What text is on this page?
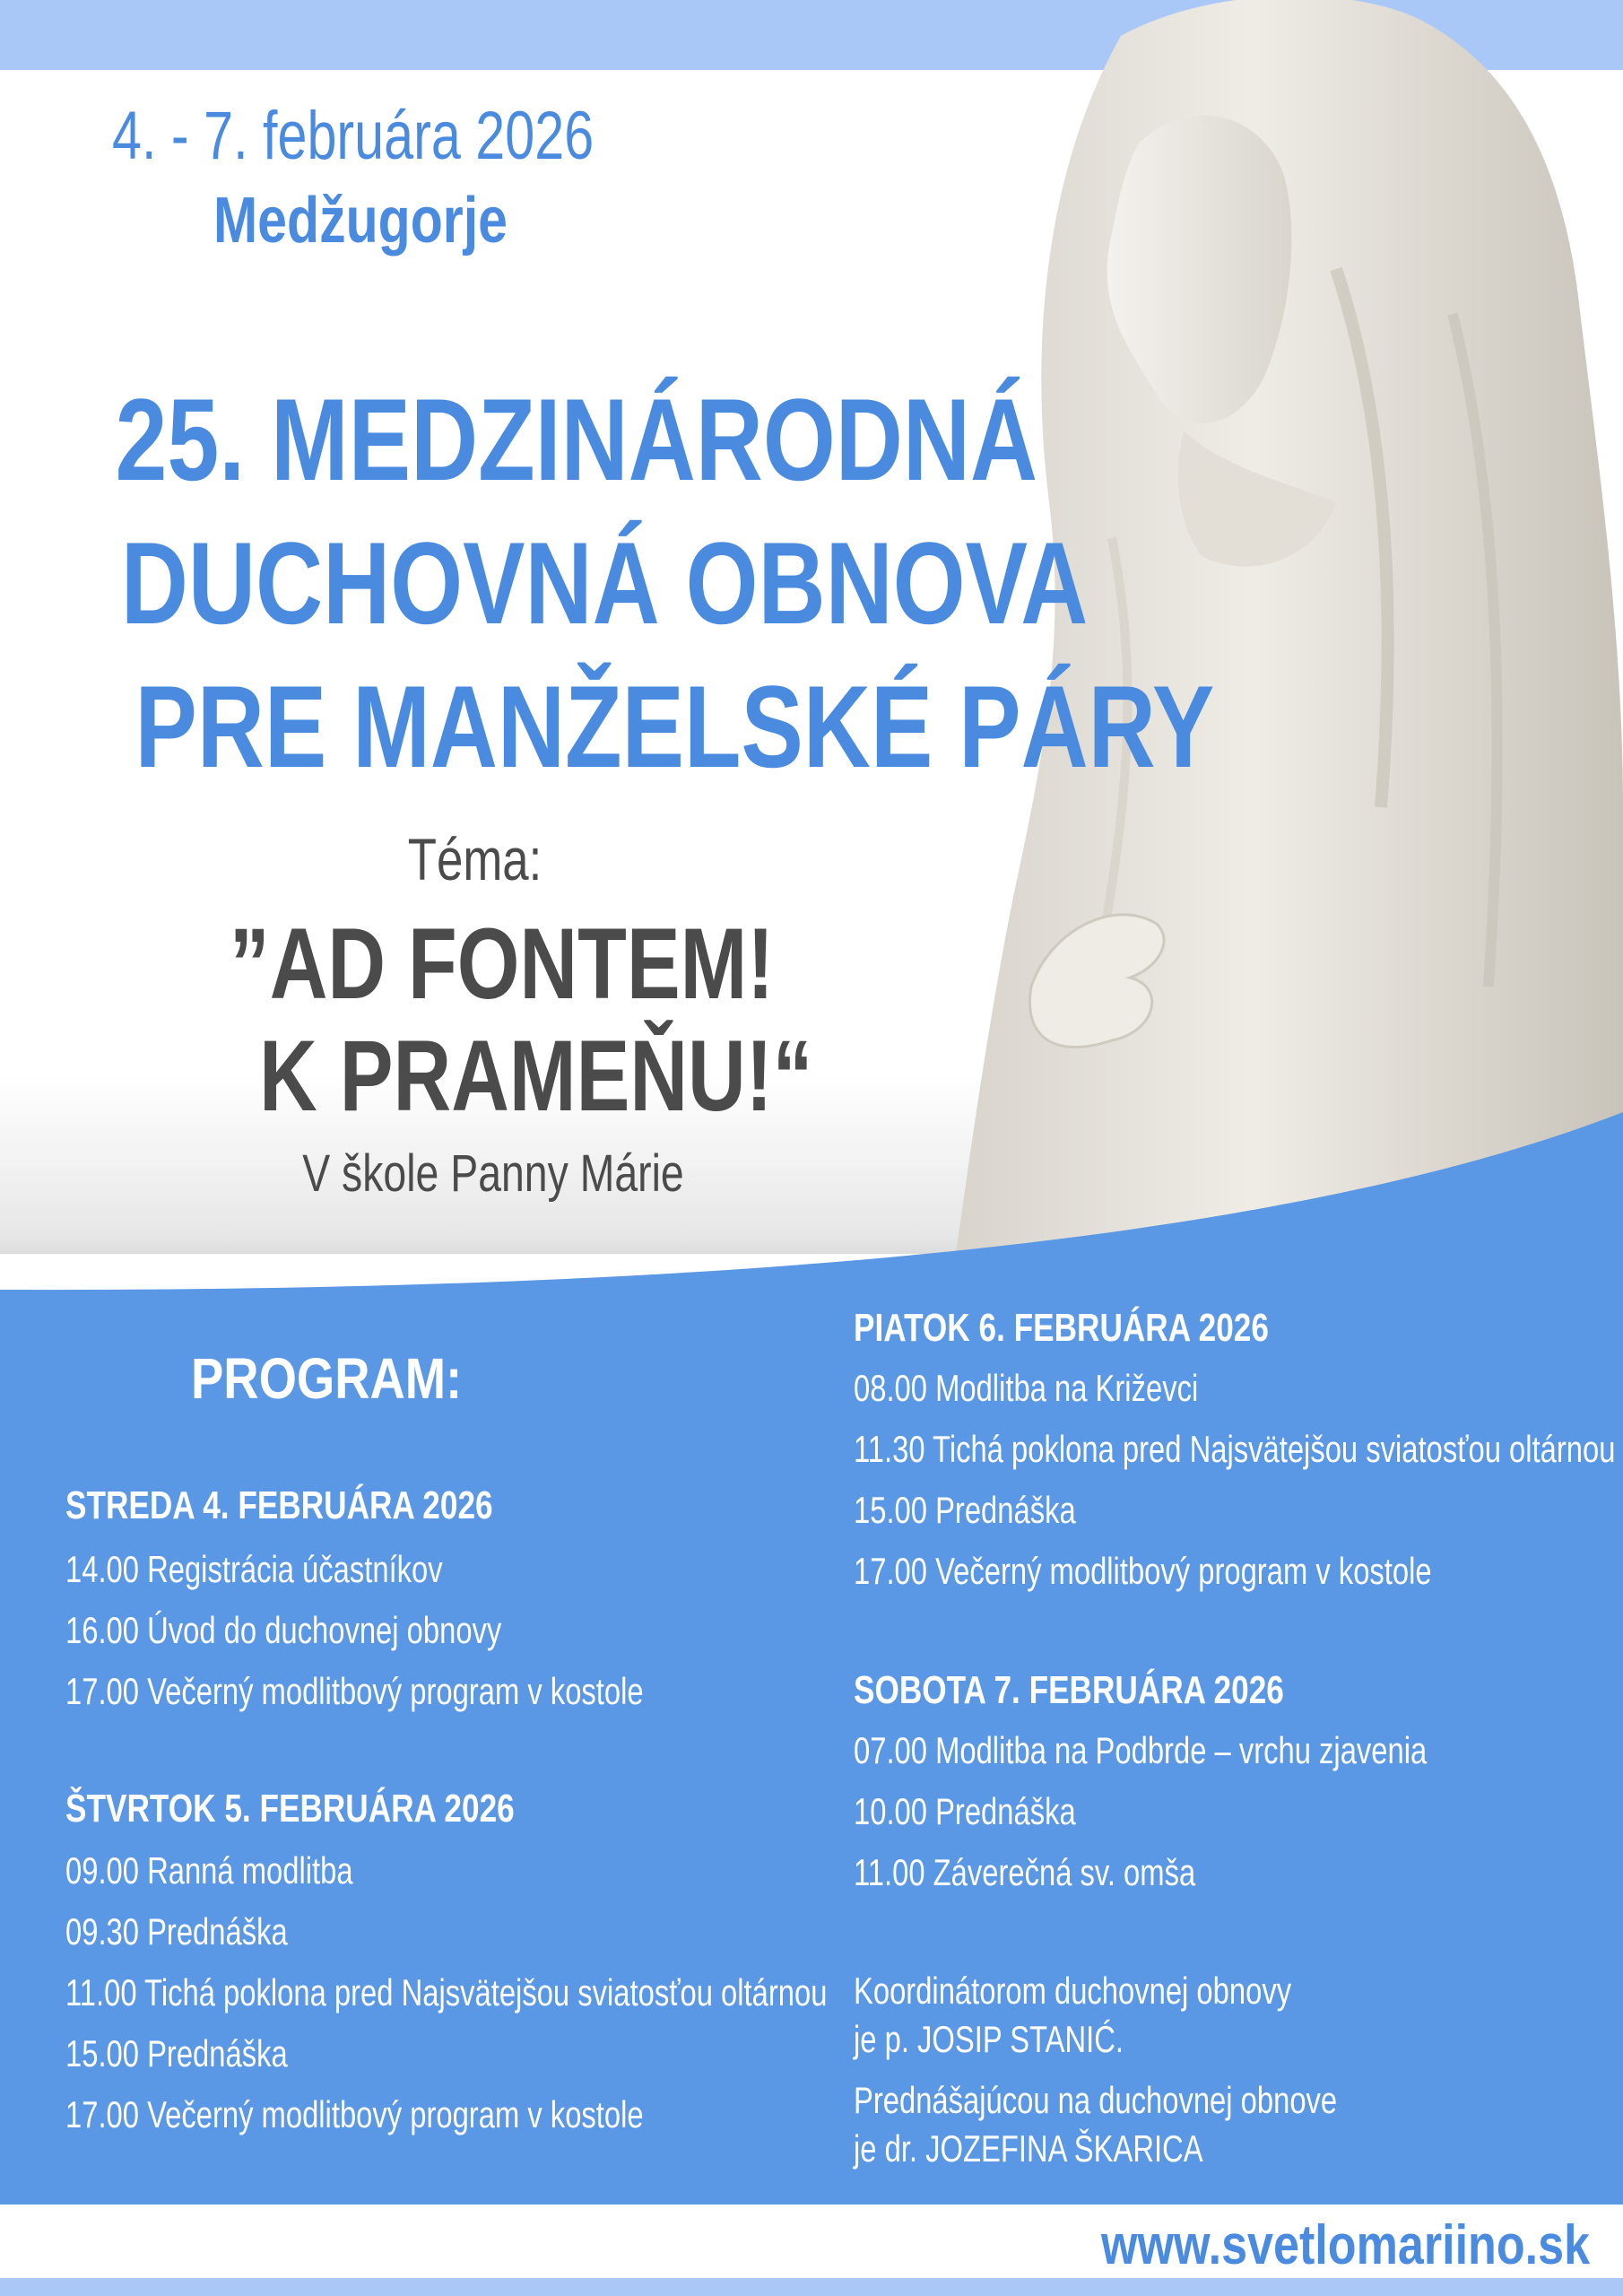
4. - 7. februára 2026
Medžugorje
25. MEDZINÁRODNÁ
DUCHOVNÁ OBNOVA
PRE MANŽELSKÉ PÁRY
Téma:
”AD FONTEM!
K PRAMEŇU!“
V škole Panny Márie
PROGRAM:
STREDA 4. FEBRUÁRA 2026
14.00 Registrácia účastníkov
16.00 Úvod do duchovnej obnovy
17.00 Večerný modlitbový program v kostole
ŠTVRTOK 5. FEBRUÁRA 2026
09.00 Ranná modlitba
09.30 Prednáška
11.00 Tichá poklona pred Najsvätejšou sviatosťou oltárnou
15.00 Prednáška
17.00 Večerný modlitbový program v kostole
PIATOK 6. FEBRUÁRA 2026
08.00 Modlitba na Križevci
11.30 Tichá poklona pred Najsvätejšou sviatosťou oltárnou
15.00 Prednáška
17.00 Večerný modlitbový program v kostole
SOBOTA 7. FEBRUÁRA 2026
07.00 Modlitba na Podbrde – vrchu zjavenia
10.00 Prednáška
11.00 Záverečná sv. omša
Koordinátorom duchovnej obnovy
je p. JOSIP STANIĆ.
Prednášajúcou na duchovnej obnove
je dr. JOZEFINA ŠKARICA
www.svetlomariino.sk
